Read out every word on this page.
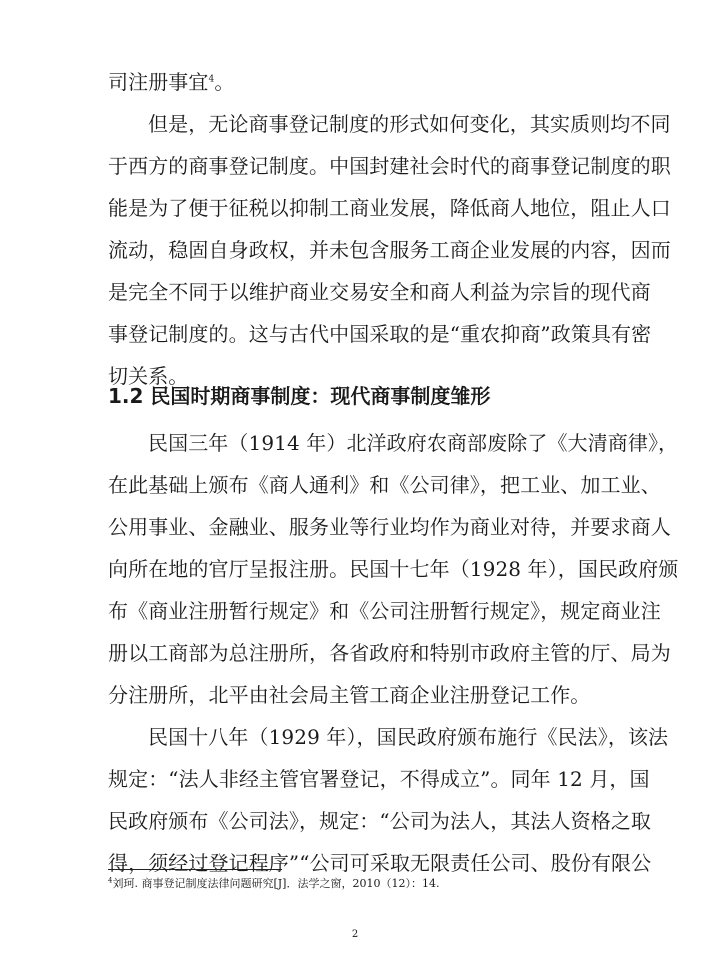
司注册事宜$^4$。
但是，无论商事登记制度的形式如何变化，其实质则均不同
于西方的商事登记制度。中国封建社会时代的商事登记制度的职
能是为了便于征税以抑制工商业发展，降低商人地位，阻止人口
流动，稳固自身政权，并未包含服务工商企业发展的内容，因而
是完全不同于以维护商业交易安全和商人利益为宗旨的现代商
事登记制度的。这与古代中国采取的是“重农抑商”政策具有密
切关系。
1.2 民国时期商事制度：现代商事制度雏形
民国三年（1914 年）北洋政府农商部废除了《大清商律》，
在此基础上颁布《商人通利》和《公司律》，把工业、加工业、
公用事业、金融业、服务业等行业均作为商业对待，并要求商人
向所在地的官厅呈报注册。民国十七年（1928 年），国民政府颁
布《商业注册暂行规定》和《公司注册暂行规定》，规定商业注
册以工商部为总注册所，各省政府和特别市政府主管的厅、局为
分注册所，北平由社会局主管工商企业注册登记工作。
民国十八年（1929 年），国民政府颁布施行《民法》，该法
规定：“法人非经主管官署登记，不得成立”。同年 12 月，国
民政府颁布《公司法》，规定：“公司为法人，其法人资格之取
得，须经过登记程序”“公司可采取无限责任公司、股份有限公
$^4$刘珂. 商事登记制度法律问题研究[J]．法学之窗，2010（12）：14.
2
